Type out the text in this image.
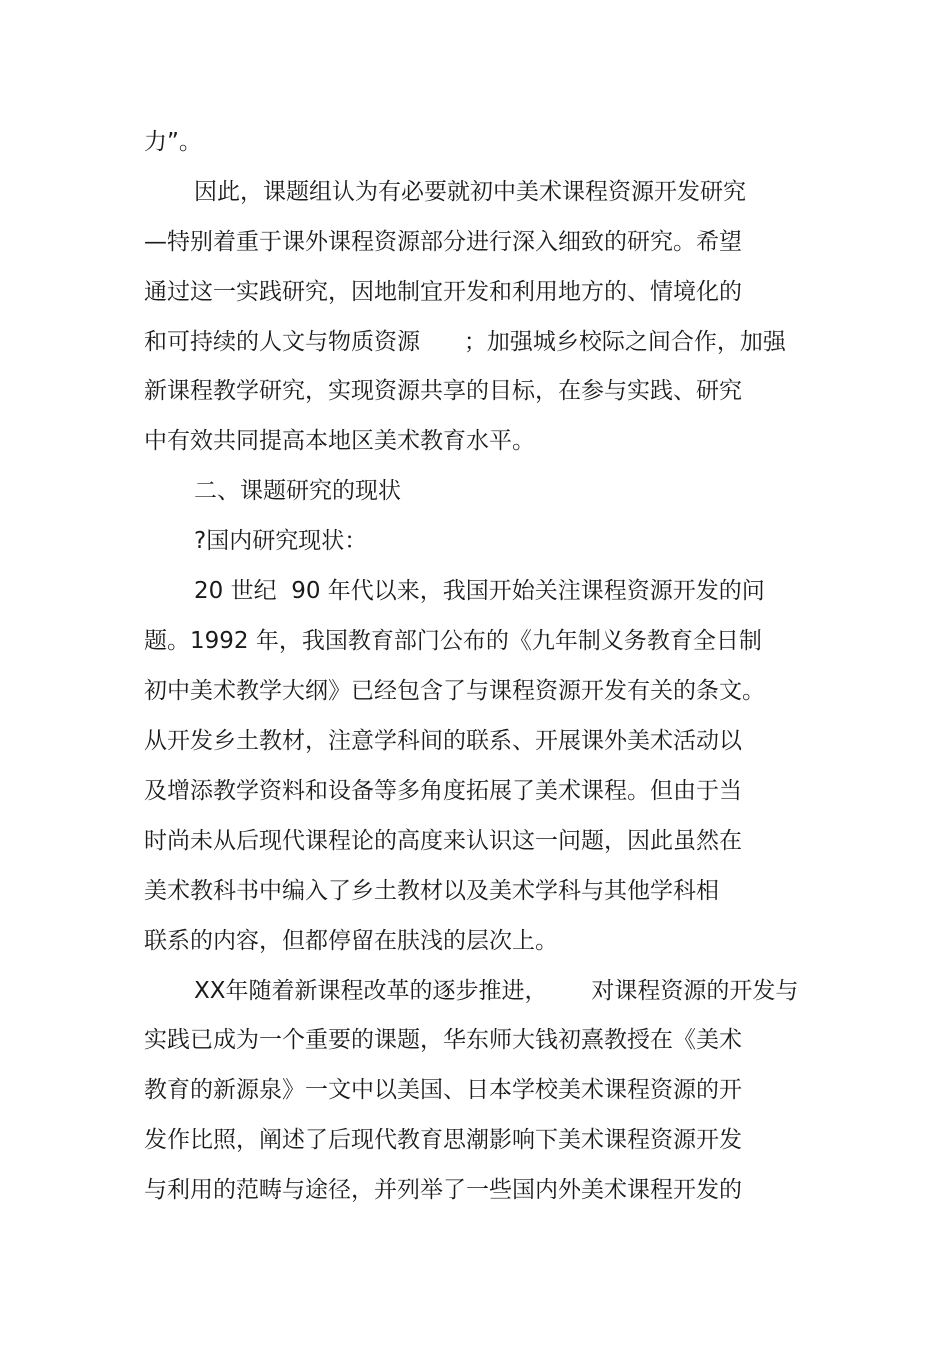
力”。
因此，课题组认为有必要就初中美术课程资源开发研究
—特别着重于课外课程资源部分进行深入细致的研究。希望
通过这一实践研究，因地制宜开发和利用地方的、情境化的
和可持续的人文与物质资源      ；加强城乡校际之间合作，加强
新课程教学研究，实现资源共享的目标，在参与实践、研究
中有效共同提高本地区美术教育水平。
二、课题研究的现状
?国内研究现状：
20 世纪  90 年代以来，我国开始关注课程资源开发的问
题。1992 年，我国教育部门公布的《九年制义务教育全日制
初中美术教学大纲》已经包含了与课程资源开发有关的条文。
从开发乡土教材，注意学科间的联系、开展课外美术活动以
及增添教学资料和设备等多角度拓展了美术课程。但由于当
时尚未从后现代课程论的高度来认识这一问题，因此虽然在
美术教科书中编入了乡土教材以及美术学科与其他学科相
联系的内容，但都停留在肤浅的层次上。
XX年随着新课程改革的逐步推进，      对课程资源的开发与
实践已成为一个重要的课题，华东师大钱初熹教授在《美术
教育的新源泉》一文中以美国、日本学校美术课程资源的开
发作比照，阐述了后现代教育思潮影响下美术课程资源开发
与利用的范畴与途径，并列举了一些国内外美术课程开发的
